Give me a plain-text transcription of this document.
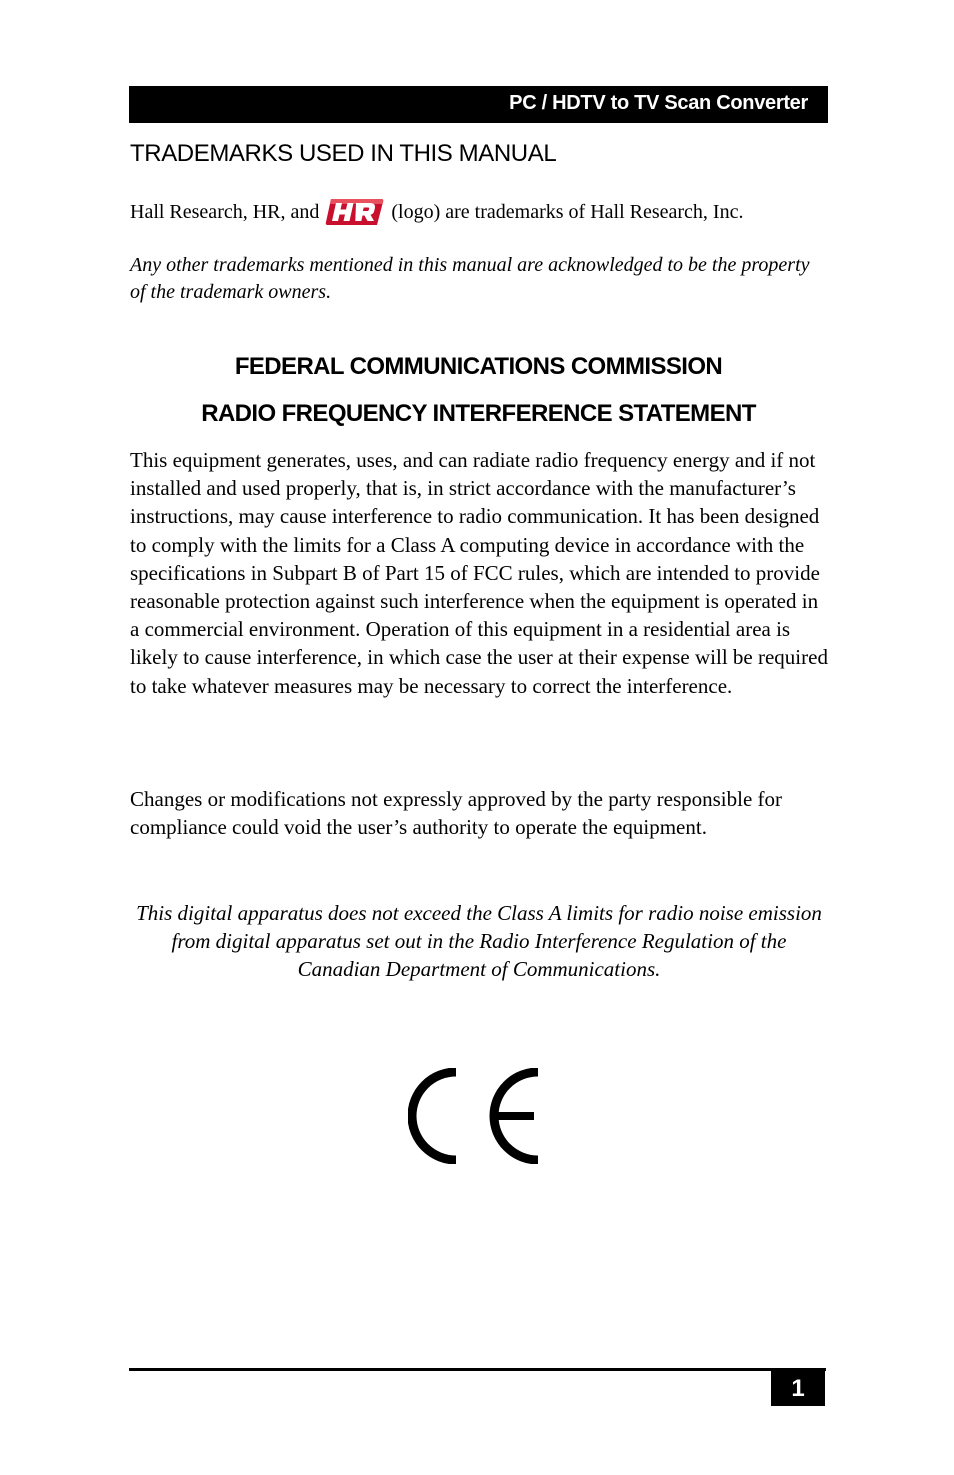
PC / HDTV to TV Scan Converter
TRADEMARKS USED IN THIS MANUAL
Hall Research, HR, and	(logo) are trademarks of Hall Research, Inc.
Any other trademarks mentioned in this manual are acknowledged to be the property of the trademark owners.
FEDERAL COMMUNICATIONS COMMISSION
RADIO FREQUENCY INTERFERENCE STATEMENT
This equipment generates, uses, and can radiate radio frequency energy and if not installed and used properly, that is, in strict accordance with the manufacturer’s instructions, may cause interference to radio communication. It has been designed to comply with the limits for a Class A computing device in accordance with the specifications in Subpart B of Part 15 of FCC rules, which are intended to provide reasonable protection against such interference when the equipment is operated in a commercial environment. Operation of this equipment in a residential area is likely to cause interference, in which case the user at their expense will be required to take whatever measures may be necessary to correct the interference.
Changes or modifications not expressly approved by the party responsible for compliance could void the user’s authority to operate the equipment.
This digital apparatus does not exceed the Class A limits for radio noise emission from digital apparatus set out in the Radio Interference Regulation of the Canadian Department of Communications.
1
